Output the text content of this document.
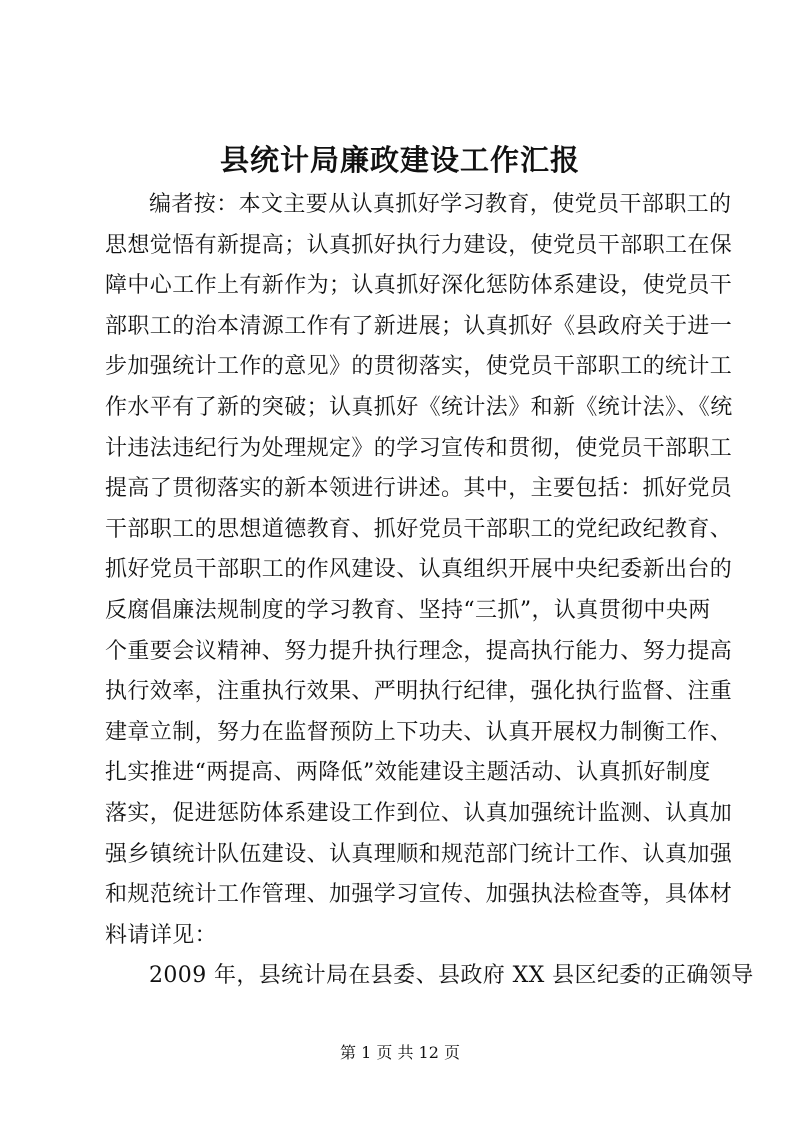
县统计局廉政建设工作汇报
编者按：本文主要从认真抓好学习教育，使党员干部职工的
思想觉悟有新提高；认真抓好执行力建设，使党员干部职工在保
障中心工作上有新作为；认真抓好深化惩防体系建设，使党员干
部职工的治本清源工作有了新进展；认真抓好《县政府关于进一
步加强统计工作的意见》的贯彻落实，使党员干部职工的统计工
作水平有了新的突破；认真抓好《统计法》和新《统计法》、《统
计违法违纪行为处理规定》的学习宣传和贯彻，使党员干部职工
提高了贯彻落实的新本领进行讲述。其中，主要包括：抓好党员
干部职工的思想道德教育、抓好党员干部职工的党纪政纪教育、
抓好党员干部职工的作风建设、认真组织开展中央纪委新出台的
反腐倡廉法规制度的学习教育、坚持“三抓”，认真贯彻中央两
个重要会议精神、努力提升执行理念，提高执行能力、努力提高
执行效率，注重执行效果、严明执行纪律，强化执行监督、注重
建章立制，努力在监督预防上下功夫、认真开展权力制衡工作、
扎实推进“两提高、两降低”效能建设主题活动、认真抓好制度
落实，促进惩防体系建设工作到位、认真加强统计监测、认真加
强乡镇统计队伍建设、认真理顺和规范部门统计工作、认真加强
和规范统计工作管理、加强学习宣传、加强执法检查等，具体材
料请详见：
2009 年，县统计局在县委、县政府 XX 县区纪委的正确领导
第 1 页 共 12 页
